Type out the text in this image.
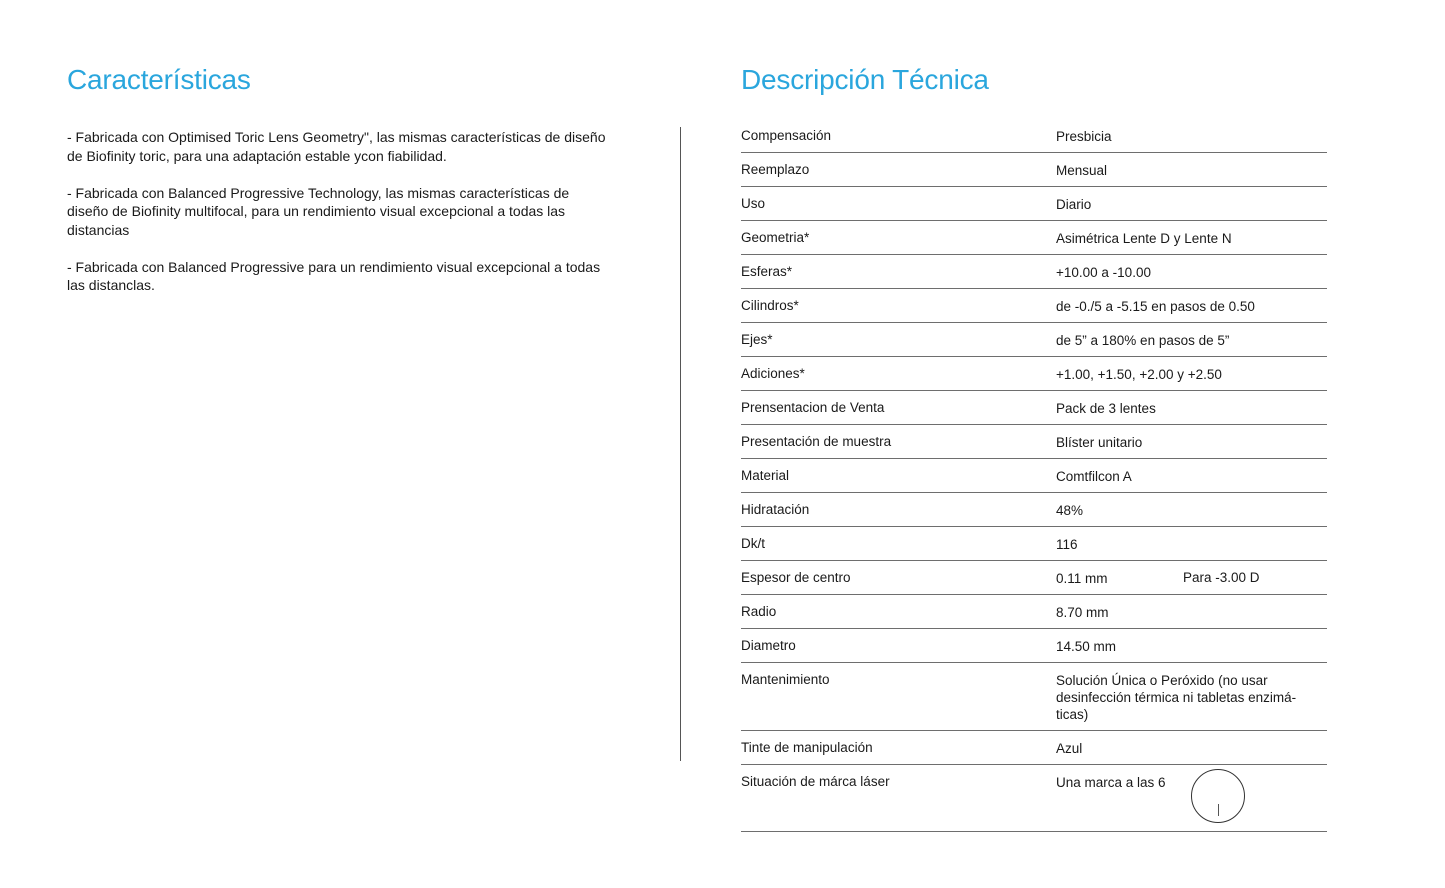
Características

- Fabricada con Optimised Toric Lens Geometry", las mismas características de diseño de Biofinity toric, para una adaptación estable ycon fiabilidad.

- Fabricada con Balanced Progressive Technology, las mismas características de diseño de Biofinity multifocal, para un rendimiento visual excepcional a todas las distancias

- Fabricada con Balanced Progressive para un rendimiento visual excepcional a todas las distanclas.

Descripción Técnica
Compensación	Presbicia
Reemplazo	Mensual
Uso	Diario
Geometria*	Asimétrica Lente D y Lente N
Esferas*	+10.00 a -10.00
Cilindros*	de -0./5 a -5.15 en pasos de 0.50
Ejes*	de 5” a 180% en pasos de 5”
Adiciones*	+1.00, +1.50, +2.00 y +2.50
Prensentacion de Venta	Pack de 3 lentes
Presentación de muestra	Blíster unitario
Material	Comtfilcon A
Hidratación	48%
Dk/t	116
Espesor de centro	0.11 mm	Para -3.00 D
Radio	8.70 mm
Diametro	14.50 mm
Mantenimiento	Solución Única o Peróxido (no usar desinfección térmica ni tabletas enzimá-ticas)
Tinte de manipulación	Azul
Situación de márca láser	Una marca a las 6
